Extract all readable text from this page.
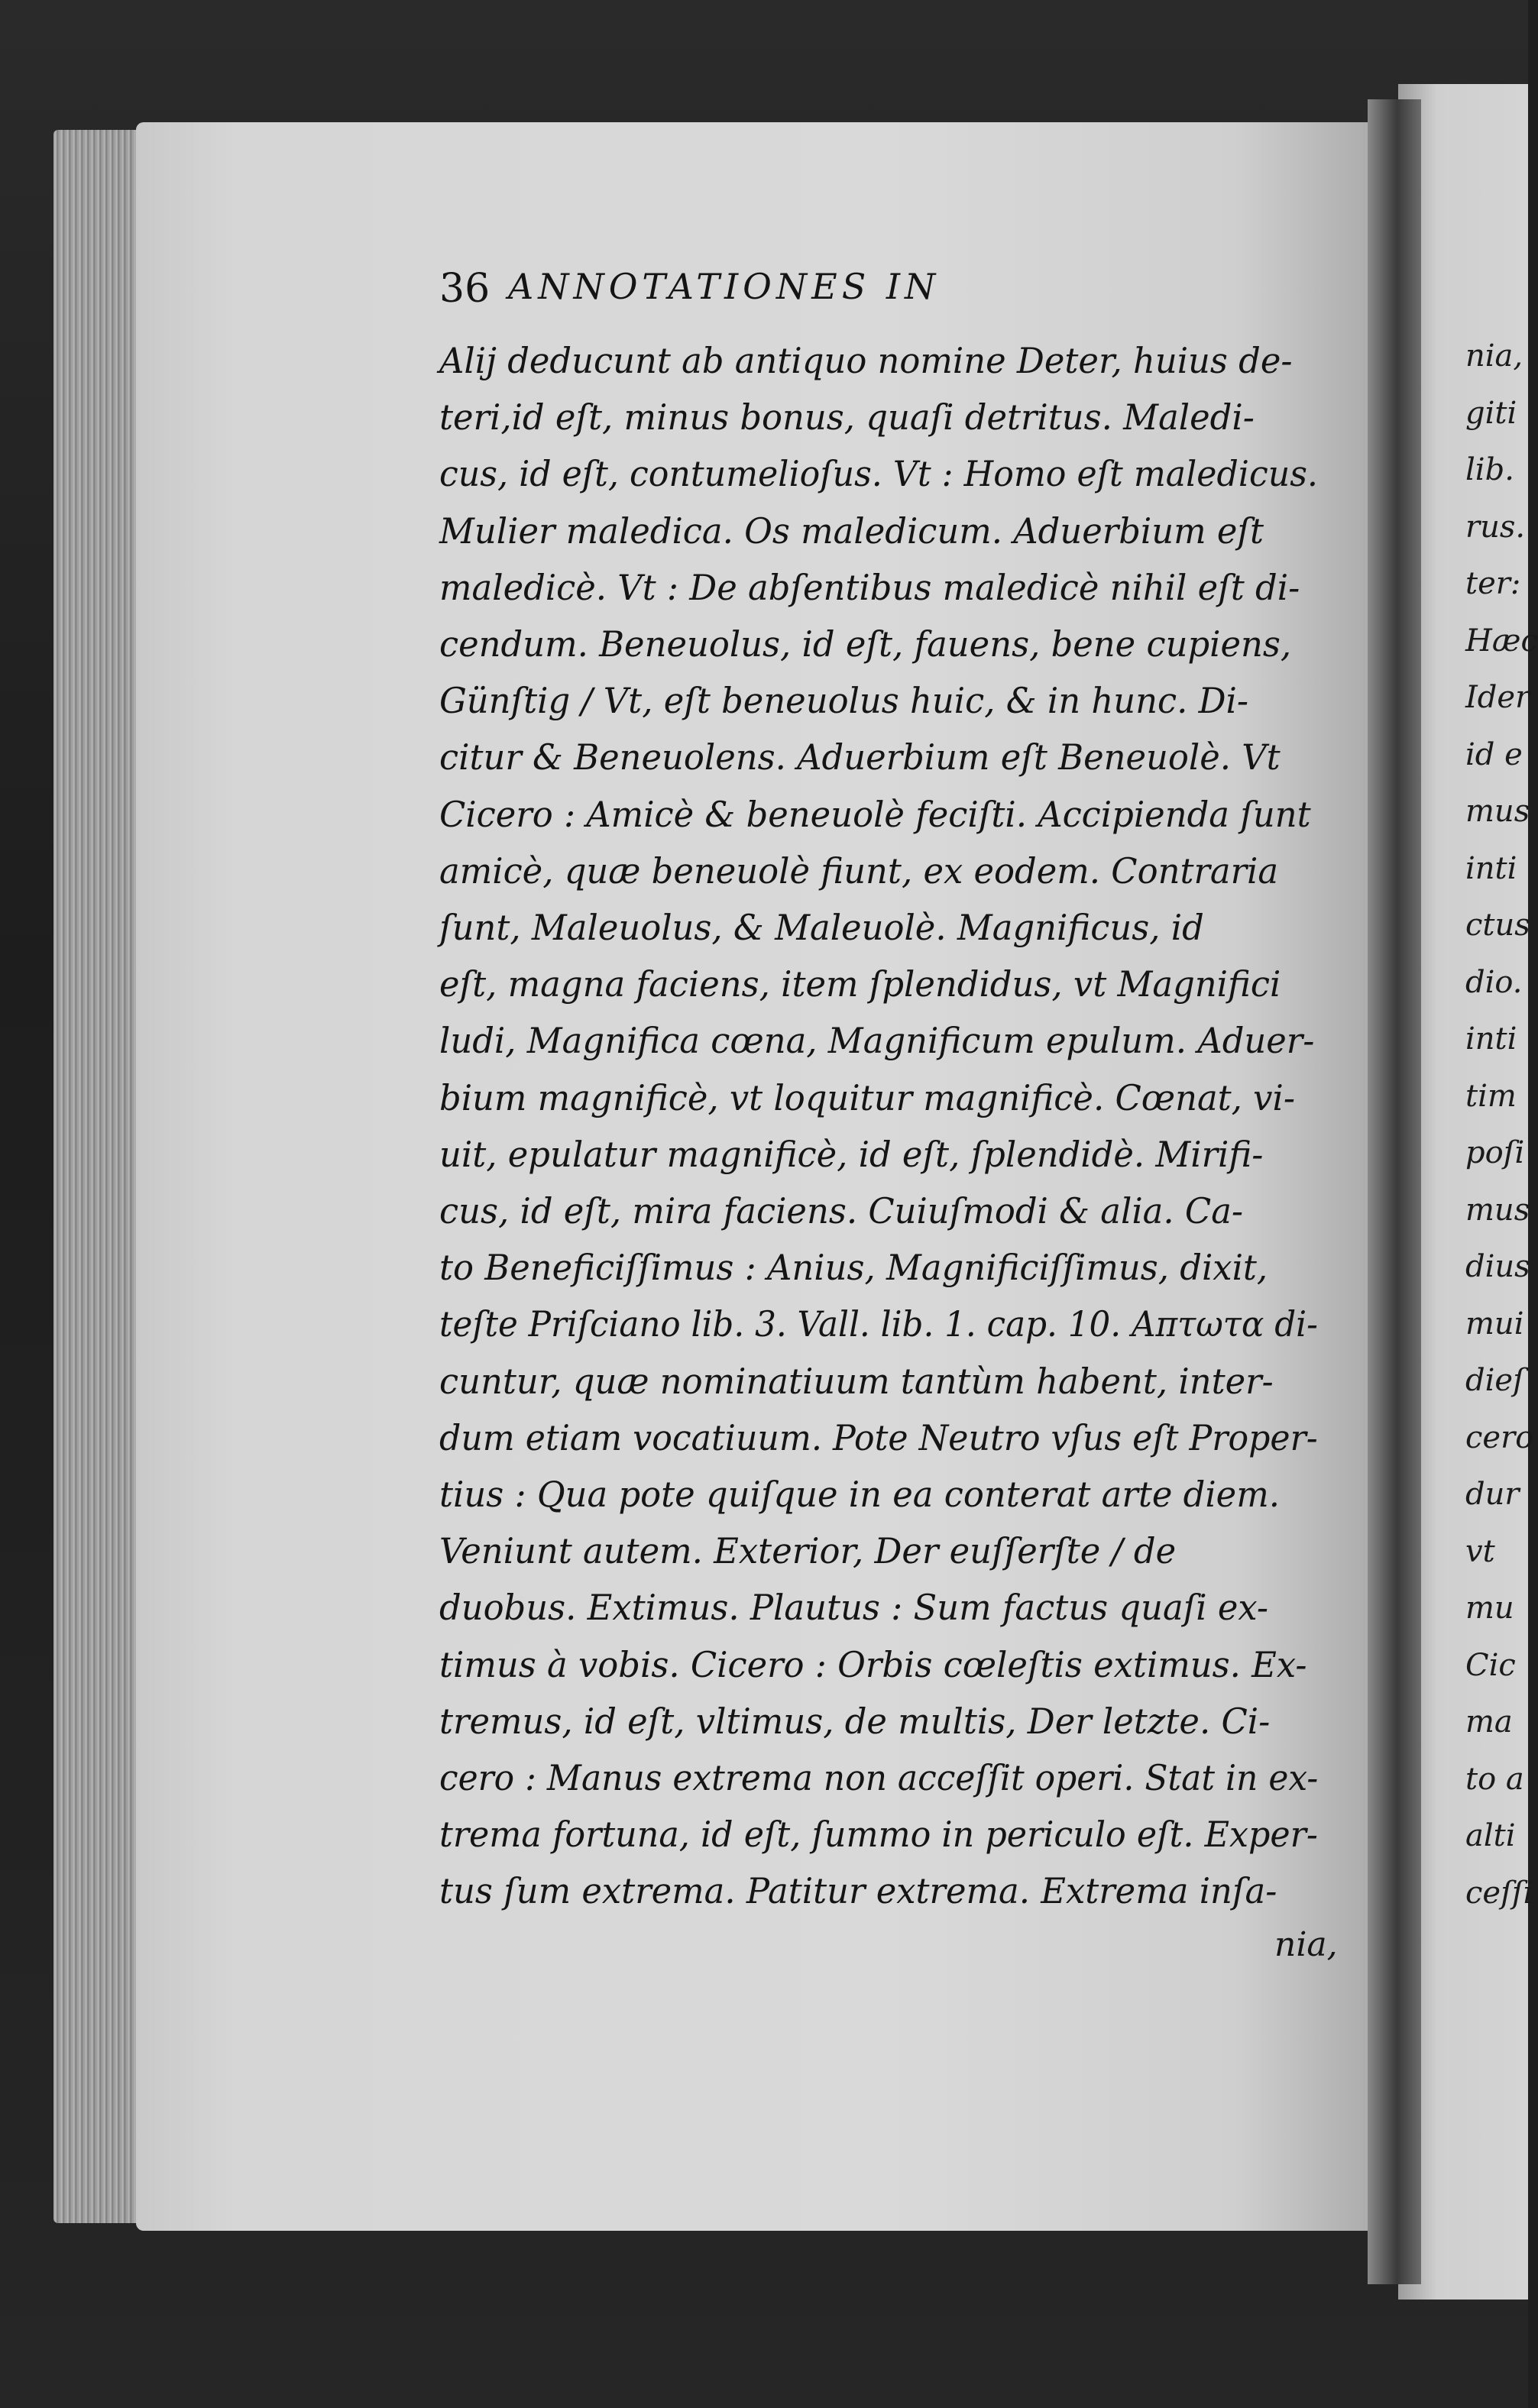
36 ANNOTATIONES IN
Alij deducunt ab antiquo nomine Deter, huius de-
teri,id eſt, minus bonus, quaſi detritus. Maledi-
cus, id eſt, contumelioſus. Vt : Homo eſt maledicus.
Mulier maledica. Os maledicum. Aduerbium eſt
maledicè. Vt : De abſentibus maledicè nihil eſt di-
cendum. Beneuolus, id eſt, fauens, bene cupiens,
Günſtig / Vt, eſt beneuolus huic, & in hunc. Di-
citur & Beneuolens. Aduerbium eſt Beneuolè. Vt
Cicero : Amicè & beneuolè feciſti. Accipienda ſunt
amicè, quæ beneuolè fiunt, ex eodem. Contraria
ſunt, Maleuolus, & Maleuolè. Magnificus, id
eſt, magna faciens, item ſplendidus, vt Magnifici
ludi, Magnifica cœna, Magnificum epulum. Aduer-
bium magnificè, vt loquitur magnificè. Cœnat, vi-
uit, epulatur magnificè, id eſt, ſplendidè. Mirifi-
cus, id eſt, mira faciens. Cuiuſmodi & alia. Ca-
to Beneficiſſimus : Anius, Magnificiſſimus, dixit,
teſte Priſciano lib. 3. Vall. lib. 1. cap. 10. Aπτωτα di-
cuntur, quæ nominatiuum tantùm habent, inter-
dum etiam vocatiuum. Pote Neutro vſus eſt Proper-
tius : Qua pote quiſque in ea conterat arte diem.
Veniunt autem. Exterior, Der euſſerſte / de
duobus. Extimus. Plautus : Sum factus quaſi ex-
timus à vobis. Cicero : Orbis cœleſtis extimus. Ex-
tremus, id eſt, vltimus, de multis, Der letzte. Ci-
cero : Manus extrema non acceſſit operi. Stat in ex-
trema fortuna, id eſt, ſummo in periculo eſt. Exper-
tus ſum extrema. Patitur extrema. Extrema inſa-
nia,
nia,
giti
lib.
rus.
ter:
Hæc
Ider
id e
mus
inti
ctus
dio.
inti
tim
poſi
mus
dius
mui
dieſ
cero
dur
vt
mu
Cic
ma
to a
alti
ceſſi
